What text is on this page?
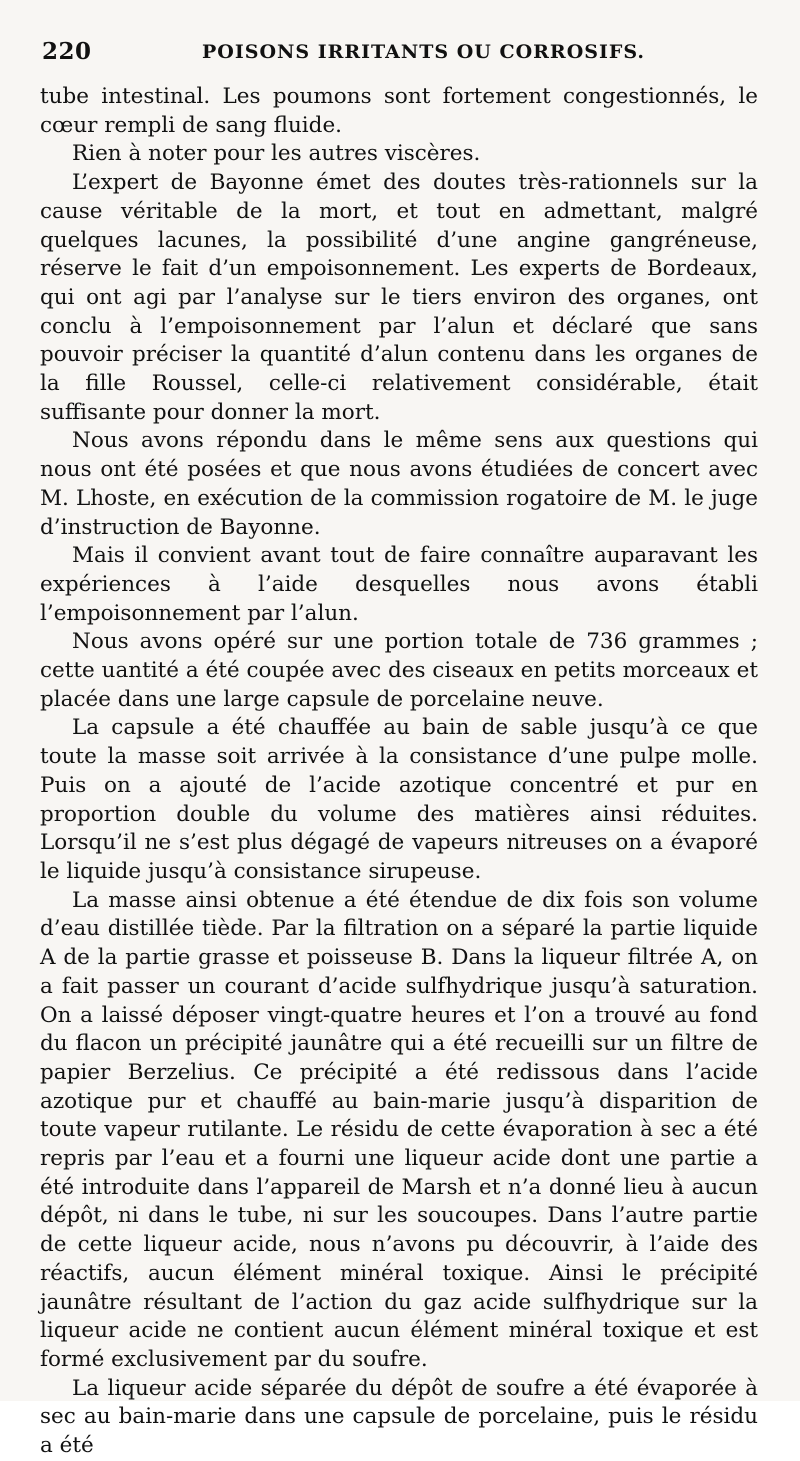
220	POISONS IRRITANTS OU CORROSIFS.

tube intestinal. Les poumons sont fortement congestionnés, le cœur rempli de sang fluide.

Rien à noter pour les autres viscères.

L’expert de Bayonne émet des doutes très-rationnels sur la cause véritable de la mort, et tout en admettant, malgré quelques lacunes, la possibilité d’une angine gangréneuse, réserve le fait d’un empoisonnement. Les experts de Bordeaux, qui ont agi par l’analyse sur le tiers environ des organes, ont conclu à l’empoisonnement par l’alun et déclaré que sans pouvoir préciser la quantité d’alun contenu dans les organes de la fille Roussel, celle-ci relativement considérable, était suffisante pour donner la mort.

Nous avons répondu dans le même sens aux questions qui nous ont été posées et que nous avons étudiées de concert avec M. Lhoste, en exécution de la commission rogatoire de M. le juge d’instruction de Bayonne.

Mais il convient avant tout de faire connaître auparavant les expériences à l’aide desquelles nous avons établi l’empoisonnement par l’alun.

Nous avons opéré sur une portion totale de 736 grammes ; cette uantité a été coupée avec des ciseaux en petits morceaux et placée dans une large capsule de porcelaine neuve.

La capsule a été chauffée au bain de sable jusqu’à ce que toute la masse soit arrivée à la consistance d’une pulpe molle. Puis on a ajouté de l’acide azotique concentré et pur en proportion double du volume des matières ainsi réduites. Lorsqu’il ne s’est plus dégagé de vapeurs nitreuses on a évaporé le liquide jusqu’à consistance sirupeuse.

La masse ainsi obtenue a été étendue de dix fois son volume d’eau distillée tiède. Par la filtration on a séparé la partie liquide A de la partie grasse et poisseuse B. Dans la liqueur filtrée A, on a fait passer un courant d’acide sulfhydrique jusqu’à saturation. On a laissé déposer vingt-quatre heures et l’on a trouvé au fond du flacon un précipité jaunâtre qui a été recueilli sur un filtre de papier Berzelius. Ce précipité a été redissous dans l’acide azotique pur et chauffé au bain-marie jusqu’à disparition de toute vapeur rutilante. Le résidu de cette évaporation à sec a été repris par l’eau et a fourni une liqueur acide dont une partie a été introduite dans l’appareil de Marsh et n’a donné lieu à aucun dépôt, ni dans le tube, ni sur les soucoupes. Dans l’autre partie de cette liqueur acide, nous n’avons pu découvrir, à l’aide des réactifs, aucun élément minéral toxique. Ainsi le précipité jaunâtre résultant de l’action du gaz acide sulfhydrique sur la liqueur acide ne contient aucun élément minéral toxique et est formé exclusivement par du soufre.

La liqueur acide séparée du dépôt de soufre a été évaporée à sec au bain-marie dans une capsule de porcelaine, puis le résidu a été
